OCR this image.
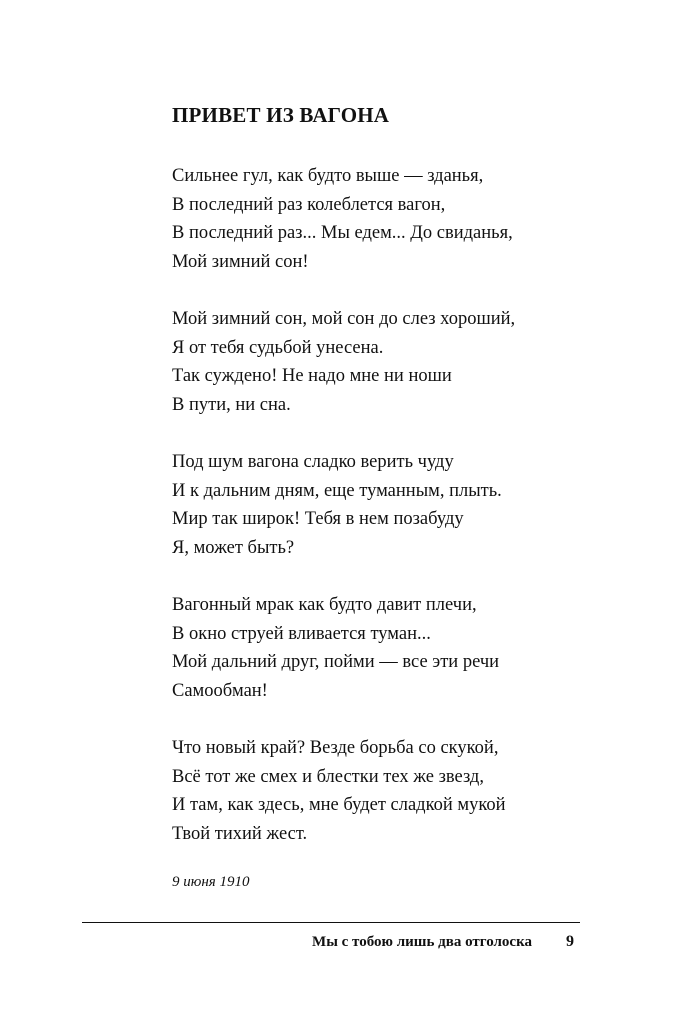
ПРИВЕТ ИЗ ВАГОНА
Сильнее гул, как будто выше — зданья,
В последний раз колеблется вагон,
В последний раз... Мы едем... До свиданья,
Мой зимний сон!
Мой зимний сон, мой сон до слез хороший,
Я от тебя судьбой унесена.
Так суждено! Не надо мне ни ноши
В пути, ни сна.
Под шум вагона сладко верить чуду
И к дальним дням, еще туманным, плыть.
Мир так широк! Тебя в нем позабуду
Я, может быть?
Вагонный мрак как будто давит плечи,
В окно струей вливается туман...
Мой дальний друг, пойми — все эти речи
Самообман!
Что новый край? Везде борьба со скукой,
Всё тот же смех и блестки тех же звезд,
И там, как здесь, мне будет сладкой мукой
Твой тихий жест.
9 июня 1910
Мы с тобою лишь два отголоска 9
